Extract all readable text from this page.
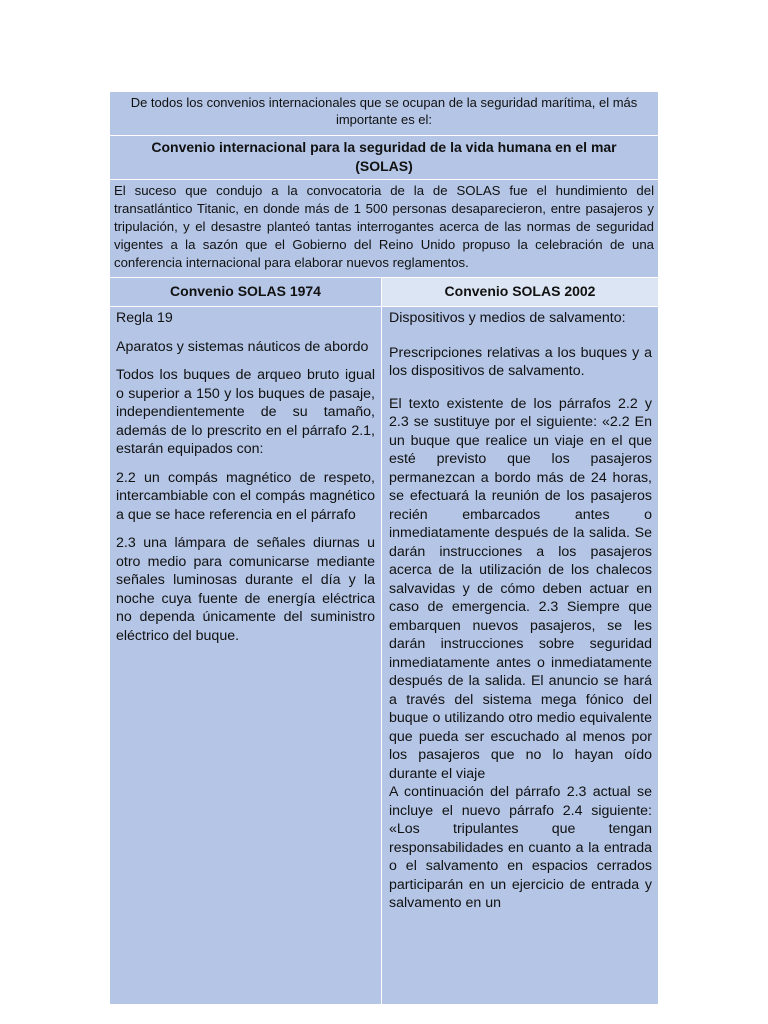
De todos los convenios internacionales que se ocupan de la seguridad marítima, el más importante es el:
Convenio internacional para la seguridad de la vida humana en el mar (SOLAS)
El suceso que condujo a la convocatoria de la de SOLAS fue el hundimiento del transatlántico Titanic, en donde más de 1 500 personas desaparecieron, entre pasajeros y tripulación, y el desastre planteó tantas interrogantes acerca de las normas de seguridad vigentes a la sazón que el Gobierno del Reino Unido propuso la celebración de una conferencia internacional para elaborar nuevos reglamentos.
Convenio SOLAS 1974	Convenio SOLAS 2002

Regla 19

Aparatos y sistemas náuticos de abordo

Todos los buques de arqueo bruto igual o superior a 150 y los buques de pasaje, independientemente de su tamaño, además de lo prescrito en el párrafo 2.1, estarán equipados con:

2.2 un compás magnético de respeto, intercambiable con el compás magnético a que se hace referencia en el párrafo

2.3 una lámpara de señales diurnas u otro medio para comunicarse mediante señales luminosas durante el día y la noche cuya fuente de energía eléctrica no dependa únicamente del suministro eléctrico del buque.

Dispositivos y medios de salvamento:

Prescripciones relativas a los buques y a los dispositivos de salvamento.

El texto existente de los párrafos 2.2 y 2.3 se sustituye por el siguiente: «2.2 En un buque que realice un viaje en el que esté previsto que los pasajeros permanezcan a bordo más de 24 horas, se efectuará la reunión de los pasajeros recién embarcados antes o inmediatamente después de la salida. Se darán instrucciones a los pasajeros acerca de la utilización de los chalecos salvavidas y de cómo deben actuar en caso de emergencia. 2.3 Siempre que embarquen nuevos pasajeros, se les darán instrucciones sobre seguridad inmediatamente antes o inmediatamente después de la salida. El anuncio se hará a través del sistema mega fónico del buque o utilizando otro medio equivalente que pueda ser escuchado al menos por los pasajeros que no lo hayan oído durante el viaje

A continuación del párrafo 2.3 actual se incluye el nuevo párrafo 2.4 siguiente: «Los tripulantes que tengan responsabilidades en cuanto a la entrada o el salvamento en espacios cerrados participarán en un ejercicio de entrada y salvamento en un
